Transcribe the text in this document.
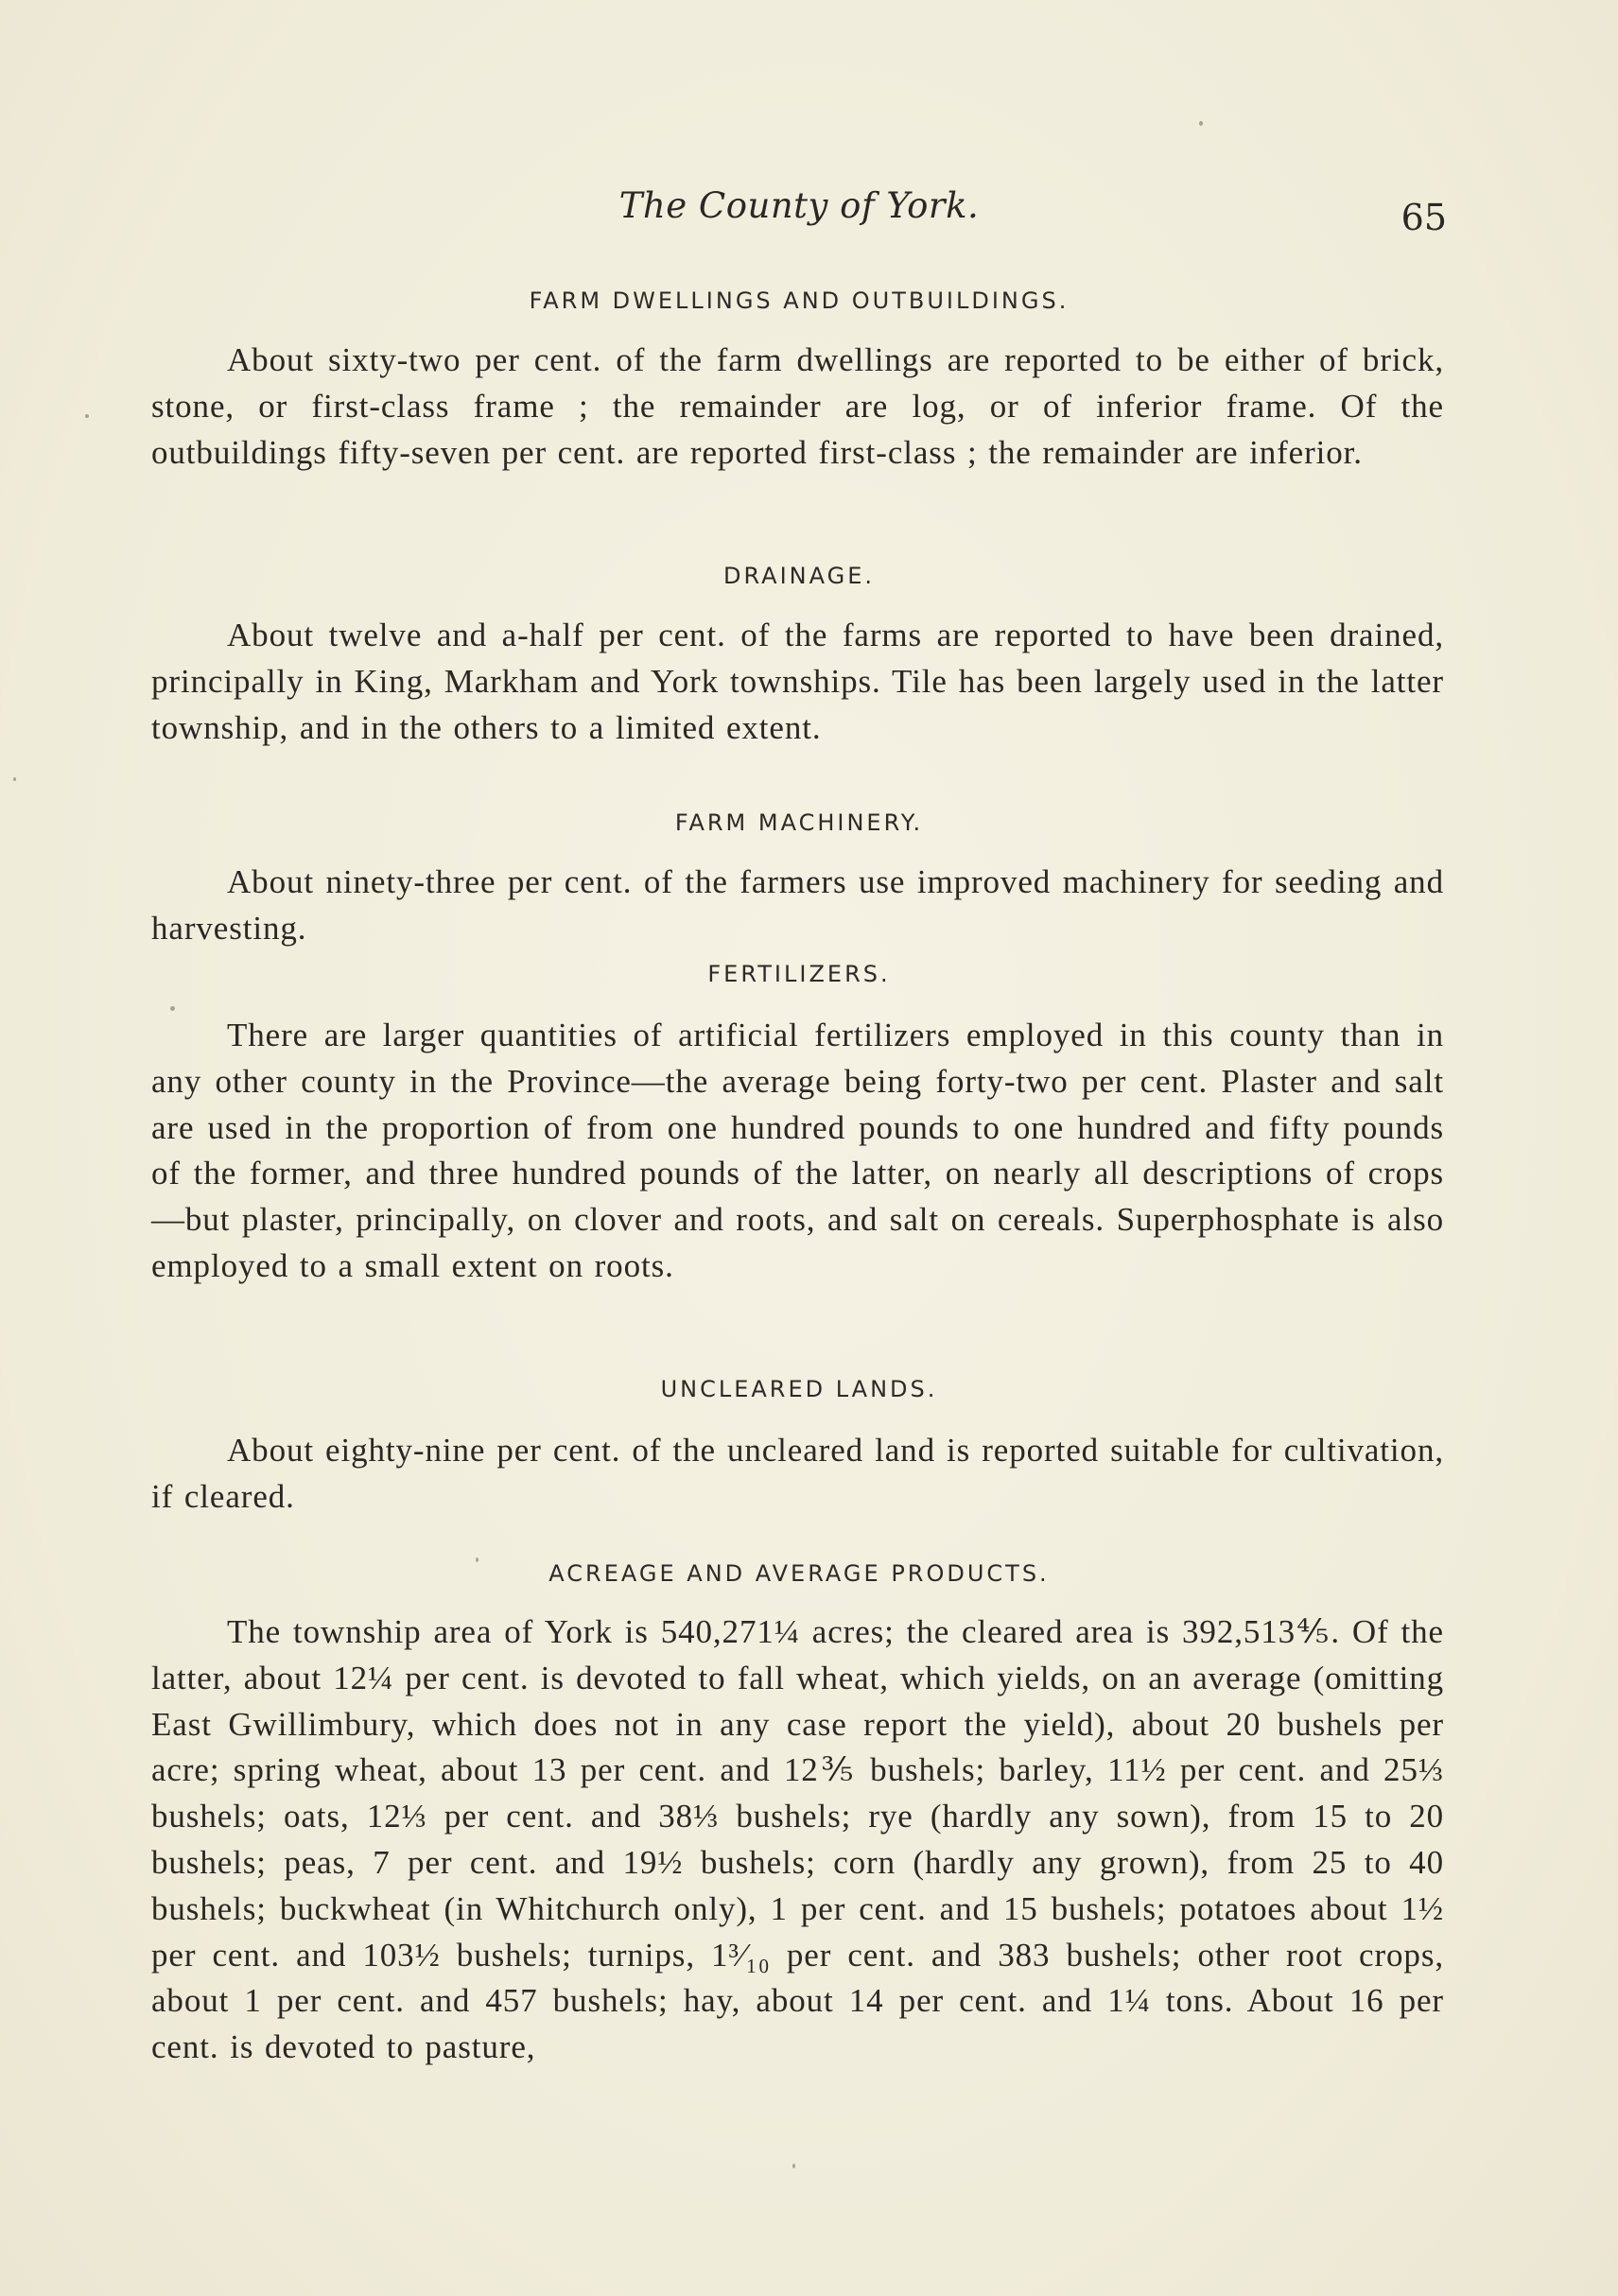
The County of York.	65
FARM DWELLINGS AND OUTBUILDINGS.

About sixty-two per cent. of the farm dwellings are reported to be either of brick, stone, or first-class frame ; the remainder are log, or of inferior frame. Of the outbuildings fifty-seven per cent. are reported first-class ; the remainder are inferior.

DRAINAGE.

About twelve and a-half per cent. of the farms are reported to have been drained, principally in King, Markham and York townships. Tile has been largely used in the latter township, and in the others to a limited extent.

FARM MACHINERY.

About ninety-three per cent. of the farmers use improved machinery for seeding and harvesting.

FERTILIZERS.

There are larger quantities of artificial fertilizers employed in this county than in any other county in the Province—the average being forty-two per cent. Plaster and salt are used in the proportion of from one hundred pounds to one hundred and fifty pounds of the former, and three hundred pounds of the latter, on nearly all descriptions of crops—but plaster, principally, on clover and roots, and salt on cereals. Superphosphate is also employed to a small extent on roots.

UNCLEARED LANDS.

About eighty-nine per cent. of the uncleared land is reported suitable for cultivation, if cleared.

ACREAGE AND AVERAGE PRODUCTS.

The township area of York is 540,271¼ acres; the cleared area is 392,513⅘. Of the latter, about 12¼ per cent. is devoted to fall wheat, which yields, on an average (omitting East Gwillimbury, which does not in any case report the yield), about 20 bushels per acre; spring wheat, about 13 per cent. and 12⅗ bushels; barley, 11½ per cent. and 25⅓ bushels; oats, 12⅓ per cent. and 38⅓ bushels; rye (hardly any sown), from 15 to 20 bushels; peas, 7 per cent. and 19½ bushels; corn (hardly any grown), from 25 to 40 bushels; buckwheat (in Whitchurch only), 1 per cent. and 15 bushels; potatoes about 1½ per cent. and 103½ bushels; turnips, 1³⁄₁₀ per cent. and 383 bushels; other root crops, about 1 per cent. and 457 bushels; hay, about 14 per cent. and 1¼ tons. About 16 per cent. is devoted to pasture,
